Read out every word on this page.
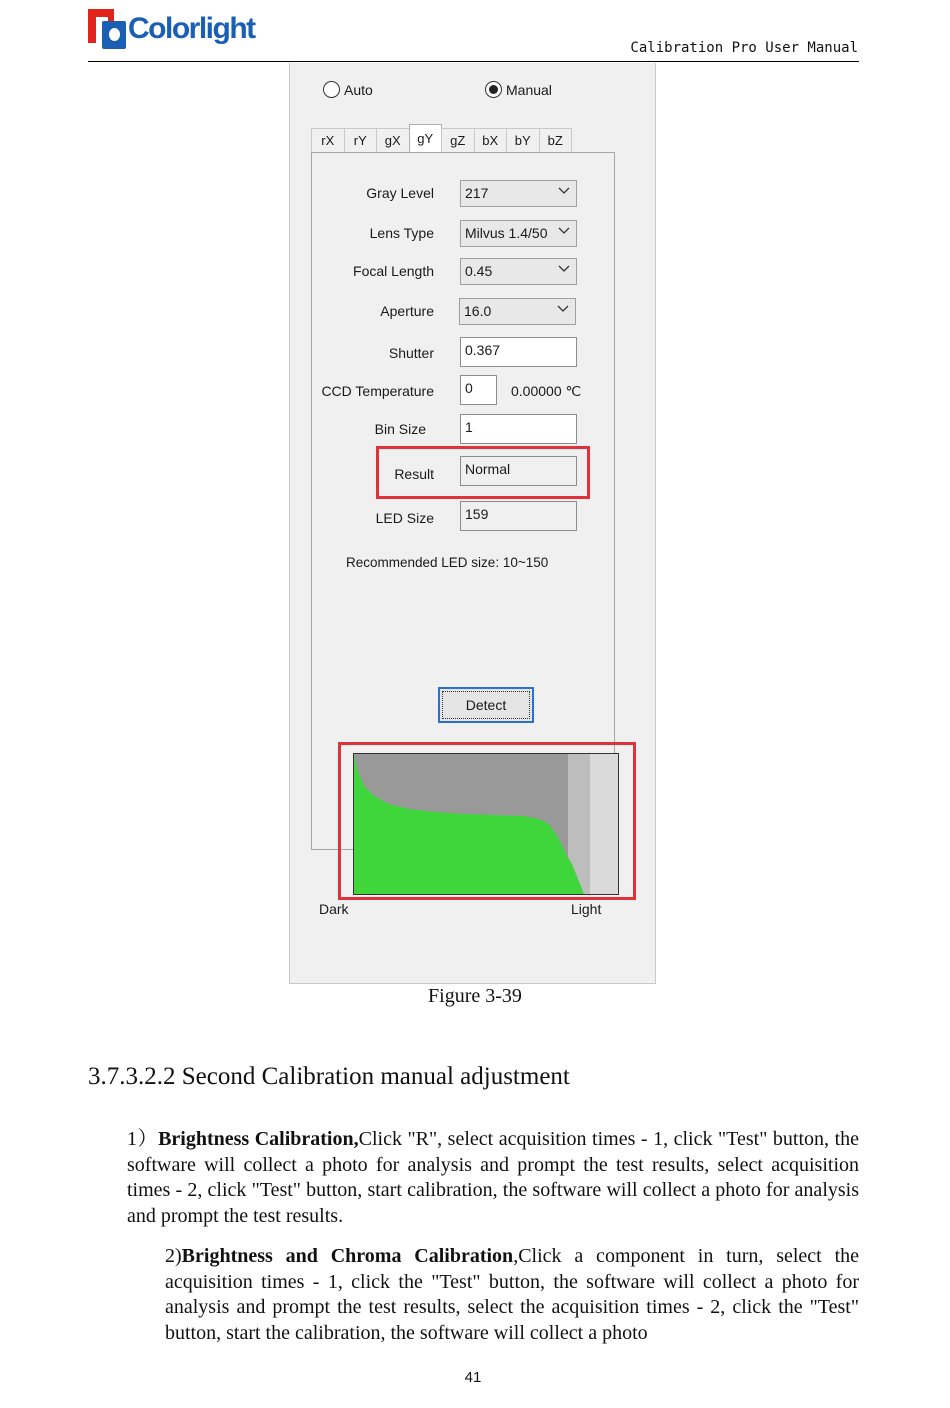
Colorlight
Calibration Pro User Manual
Auto	Manual
rX	rY	gX	gY	gZ	bX	bY	bZ
Gray Level	217
Lens Type	Milvus 1.4/50
Focal Length	0.45
Aperture	16.0
Shutter	0.367
CCD Temperature	0	0.00000 ℃
Bin Size	1
Result	Normal
LED Size	159
Recommended LED size: 10~150
Detect
Dark	Light
Figure 3-39
3.7.3.2.2 Second Calibration manual adjustment
1）Brightness Calibration,Click "R", select acquisition times - 1, click "Test" button, the software will collect a photo for analysis and prompt the test results, select acquisition times - 2, click "Test" button, start calibration, the software will collect a photo for analysis and prompt the test results.
2)Brightness and Chroma Calibration,Click a component in turn, select the acquisition times - 1, click the "Test" button, the software will collect a photo for analysis and prompt the test results, select the acquisition times - 2, click the "Test" button, start the calibration, the software will collect a photo
41
